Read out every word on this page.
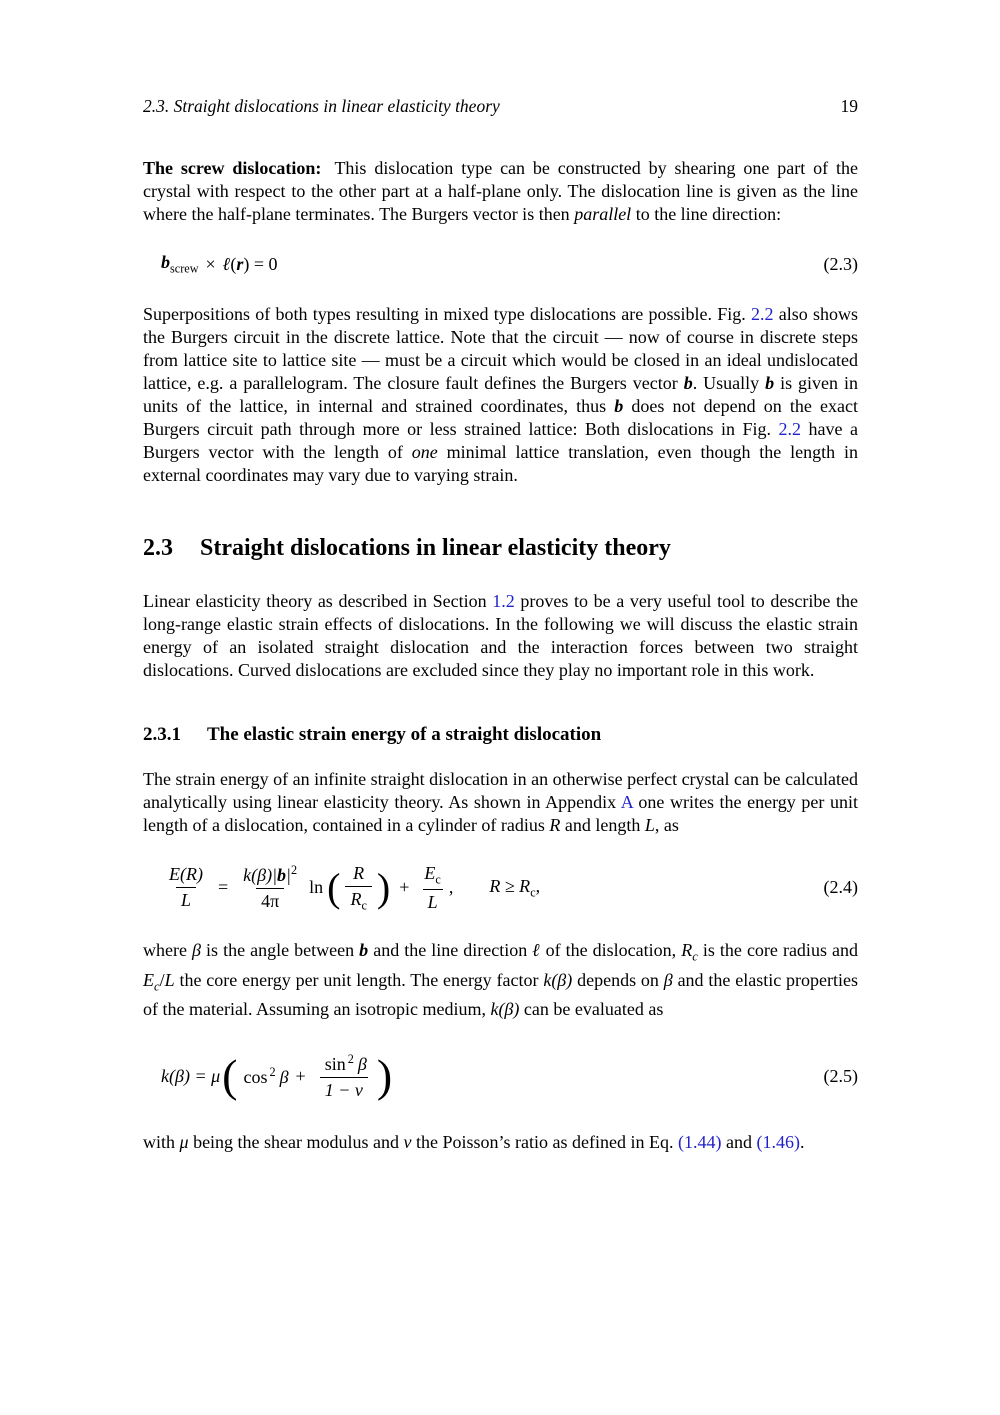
2.3. Straight dislocations in linear elasticity theory	19

The screw dislocation: This dislocation type can be constructed by shearing one part of the crystal with respect to the other part at a half-plane only. The dislocation line is given as the line where the half-plane terminates. The Burgers vector is then parallel to the line direction:

$b_{screw}$ × ℓ(r) = 0	(2.3)

Superpositions of both types resulting in mixed type dislocations are possible. Fig. 2.2 also shows the Burgers circuit in the discrete lattice. Note that the circuit — now of course in discrete steps from lattice site to lattice site — must be a circuit which would be closed in an ideal undislocated lattice, e.g. a parallelogram. The closure fault defines the Burgers vector b. Usually b is given in units of the lattice, in internal and strained coordinates, thus b does not depend on the exact Burgers circuit path through more or less strained lattice: Both dislocations in Fig. 2.2 have a Burgers vector with the length of one minimal lattice translation, even though the length in external coordinates may vary due to varying strain.

2.3	Straight dislocations in linear elasticity theory

Linear elasticity theory as described in Section 1.2 proves to be a very useful tool to describe the long-range elastic strain effects of dislocations. In the following we will discuss the elastic strain energy of an isolated straight dislocation and the interaction forces between two straight dislocations. Curved dislocations are excluded since they play no important role in this work.

2.3.1	The elastic strain energy of a straight dislocation

The strain energy of an infinite straight dislocation in an otherwise perfect crystal can be calculated analytically using linear elasticity theory. As shown in Appendix A one writes the energy per unit length of a dislocation, contained in a cylinder of radius R and length L, as

$\frac{E(R)}{L} = \frac{k(\beta)|b|^2}{4\pi}$ ln ( $\frac{R}{R_c}$ ) + $\frac{E_c}{L}$ , $R \ge R_c$,	(2.4)

where β is the angle between b and the line direction ℓ of the dislocation, $R_c$ is the core radius and $E_c/L$ the core energy per unit length. The energy factor k(β) depends on β and the elastic properties of the material. Assuming an isotropic medium, k(β) can be evaluated as

k(β) = μ ( cos $^2$ $\beta + \frac{\sin ^2 \beta}{1 - \nu}$ )	(2.5)

with μ being the shear modulus and ν the Poisson’s ratio as defined in Eq. (1.44) and (1.46).
